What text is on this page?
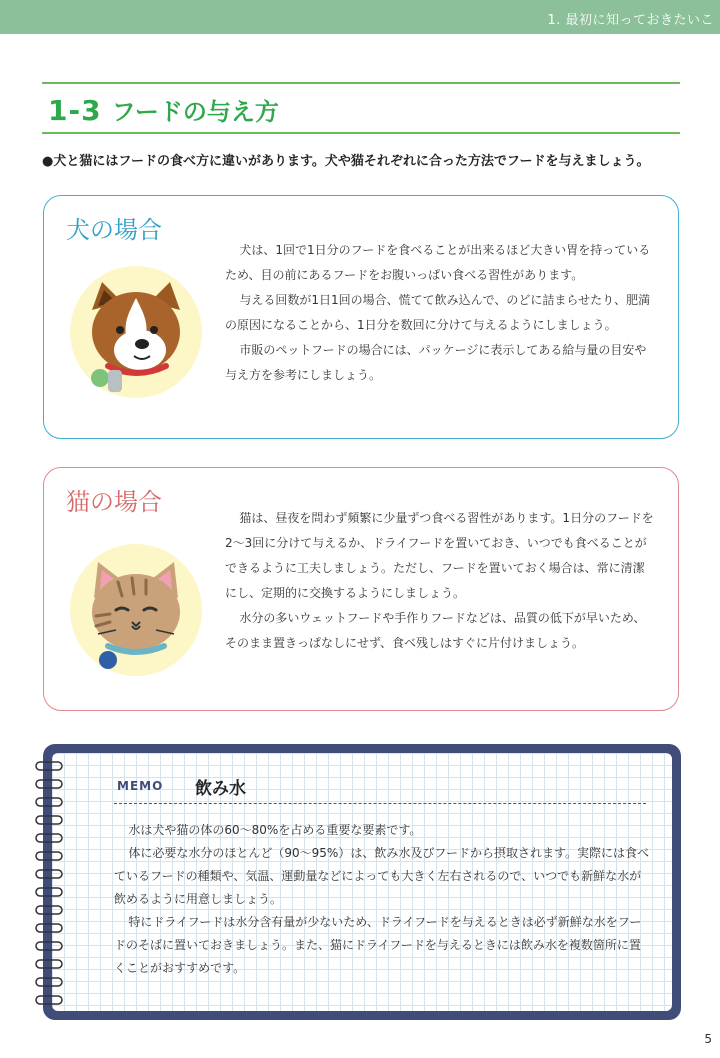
1. 最初に知っておきたいこ
1-3 フードの与え方
●犬と猫にはフードの食べ方に違いがあります。犬や猫それぞれに合った方法でフードを与えましょう。
犬の場合

犬は、1回で1日分のフードを食べることが出来るほど大きい胃を持っているため、目の前にあるフードをお腹いっぱい食べる習性があります。

与える回数が1日1回の場合、慌てて飲み込んで、のどに詰まらせたり、肥満の原因になることから、1日分を数回に分けて与えるようにしましょう。

市販のペットフードの場合には、パッケージに表示してある給与量の目安や与え方を参考にしましょう。

猫の場合

猫は、昼夜を問わず頻繁に少量ずつ食べる習性があります。1日分のフードを2～3回に分けて与えるか、ドライフードを置いておき、いつでも食べることができるように工夫しましょう。ただし、フードを置いておく場合は、常に清潔にし、定期的に交換するようにしましょう。

水分の多いウェットフードや手作りフードなどは、品質の低下が早いため、そのまま置きっぱなしにせず、食べ残しはすぐに片付けましょう。

MEMO 飲み水

水は犬や猫の体の60～80%を占める重要な要素です。

体に必要な水分のほとんど（90～95%）は、飲み水及びフードから摂取されます。実際には食べているフードの種類や、気温、運動量などによっても大きく左右されるので、いつでも新鮮な水が飲めるように用意しましょう。

特にドライフードは水分含有量が少ないため、ドライフードを与えるときは必ず新鮮な水をフードのそばに置いておきましょう。また、猫にドライフードを与えるときには飲み水を複数箇所に置くことがおすすめです。

5
